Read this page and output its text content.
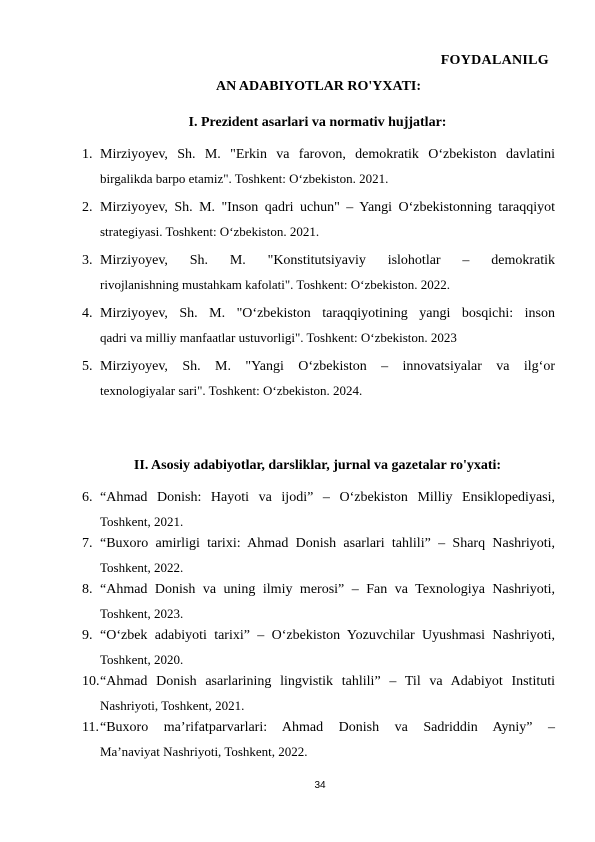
FOYDALANILG
AN ADABIYOTLAR RO'YXATI:
I. Prezident asarlari va normativ hujjatlar:
1. Mirziyoyev, Sh. M. "Erkin va farovon, demokratik O‘zbekiston davlatini
birgalikda barpo etamiz". Toshkent: O‘zbekiston. 2021.
2. Mirziyoyev, Sh. M. "Inson qadri uchun" – Yangi O‘zbekistonning taraqqiyot
strategiyasi. Toshkent: O‘zbekiston. 2021.
3. Mirziyoyev, Sh. M. "Konstitutsiyaviy islohotlar – demokratik
rivojlanishning mustahkam kafolati". Toshkent: O‘zbekiston. 2022.
4. Mirziyoyev, Sh. M. "O‘zbekiston taraqqiyotining yangi bosqichi: inson
qadri va milliy manfaatlar ustuvorligi". Toshkent: O‘zbekiston. 2023
5. Mirziyoyev, Sh. M. "Yangi O‘zbekiston – innovatsiyalar va ilg‘or
texnologiyalar sari". Toshkent: O‘zbekiston. 2024.
II. Asosiy adabiyotlar, darsliklar, jurnal va gazetalar ro'yxati:
6. “Ahmad Donish: Hayoti va ijodi” – O‘zbekiston Milliy Ensiklopediyasi,
Toshkent, 2021.
7. “Buxoro amirligi tarixi: Ahmad Donish asarlari tahlili” – Sharq Nashriyoti,
Toshkent, 2022.
8. “Ahmad Donish va uning ilmiy merosi” – Fan va Texnologiya Nashriyoti,
Toshkent, 2023.
9. “O‘zbek adabiyoti tarixi” – O‘zbekiston Yozuvchilar Uyushmasi Nashriyoti,
Toshkent, 2020.
10. “Ahmad Donish asarlarining lingvistik tahlili” – Til va Adabiyot Instituti
Nashriyoti, Toshkent, 2021.
11. “Buxoro ma’rifatparvarlari: Ahmad Donish va Sadriddin Ayniy” –
Ma’naviyat Nashriyoti, Toshkent, 2022.
34
